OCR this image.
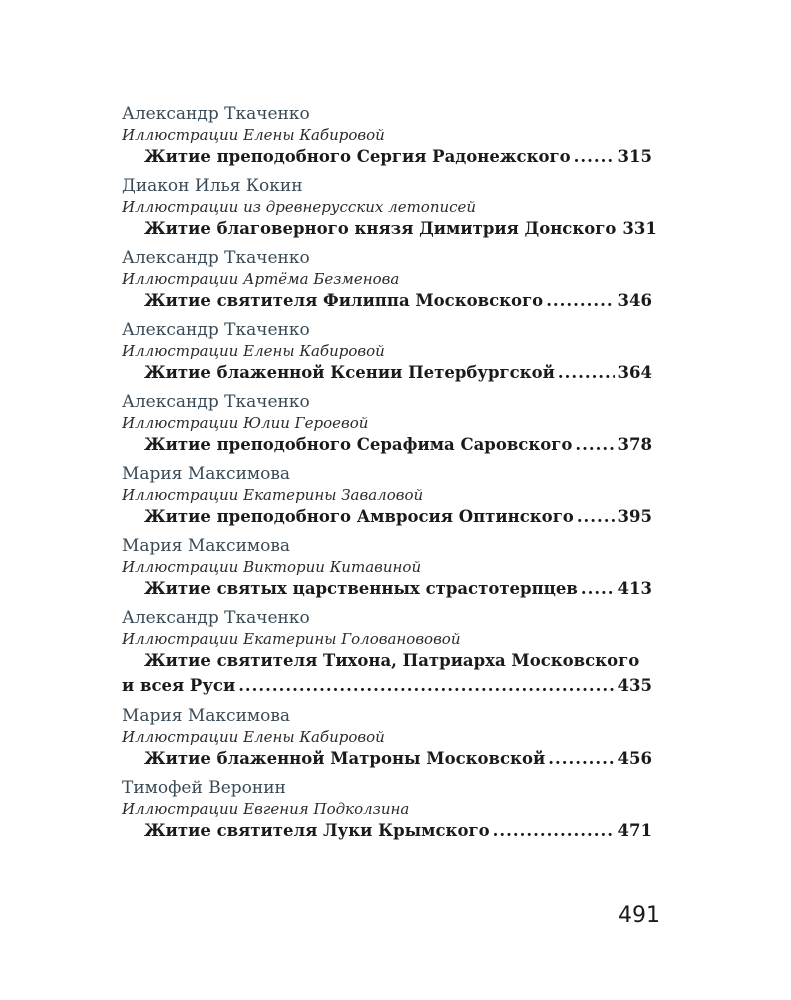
Александр Ткаченко
Иллюстрации Елены Кабировой
Житие преподобного Сергия Радонежского .....	315
Диакон Илья Кокин
Иллюстрации из древнерусских летописей
Житие благоверного князя Димитрия Донского 331
Александр Ткаченко
Иллюстрации Артёма Безменова
Житие святителя Филиппа Московского .....	346
Александр Ткаченко
Иллюстрации Елены Кабировой
Житие блаженной Ксении Петербургской .....	364
Александр Ткаченко
Иллюстрации Юлии Героевой
Житие преподобного Серафима Саровского .....	378
Мария Максимова
Иллюстрации Екатерины Заваловой
Житие преподобного Амвросия Оптинского .....	395
Мария Максимова
Иллюстрации Виктории Китавиной
Житие святых царственных страстотерпцев ..... 413
Александр Ткаченко
Иллюстрации Екатерины Голованововой
Житие святителя Тихона, Патриарха Московского
и всея Руси .....	435
Мария Максимова
Иллюстрации Елены Кабировой
Житие блаженной Матроны Московской .....	456
Тимофей Веронин
Иллюстрации Евгения Подколзина
Житие святителя Луки Крымского .....	471
491
